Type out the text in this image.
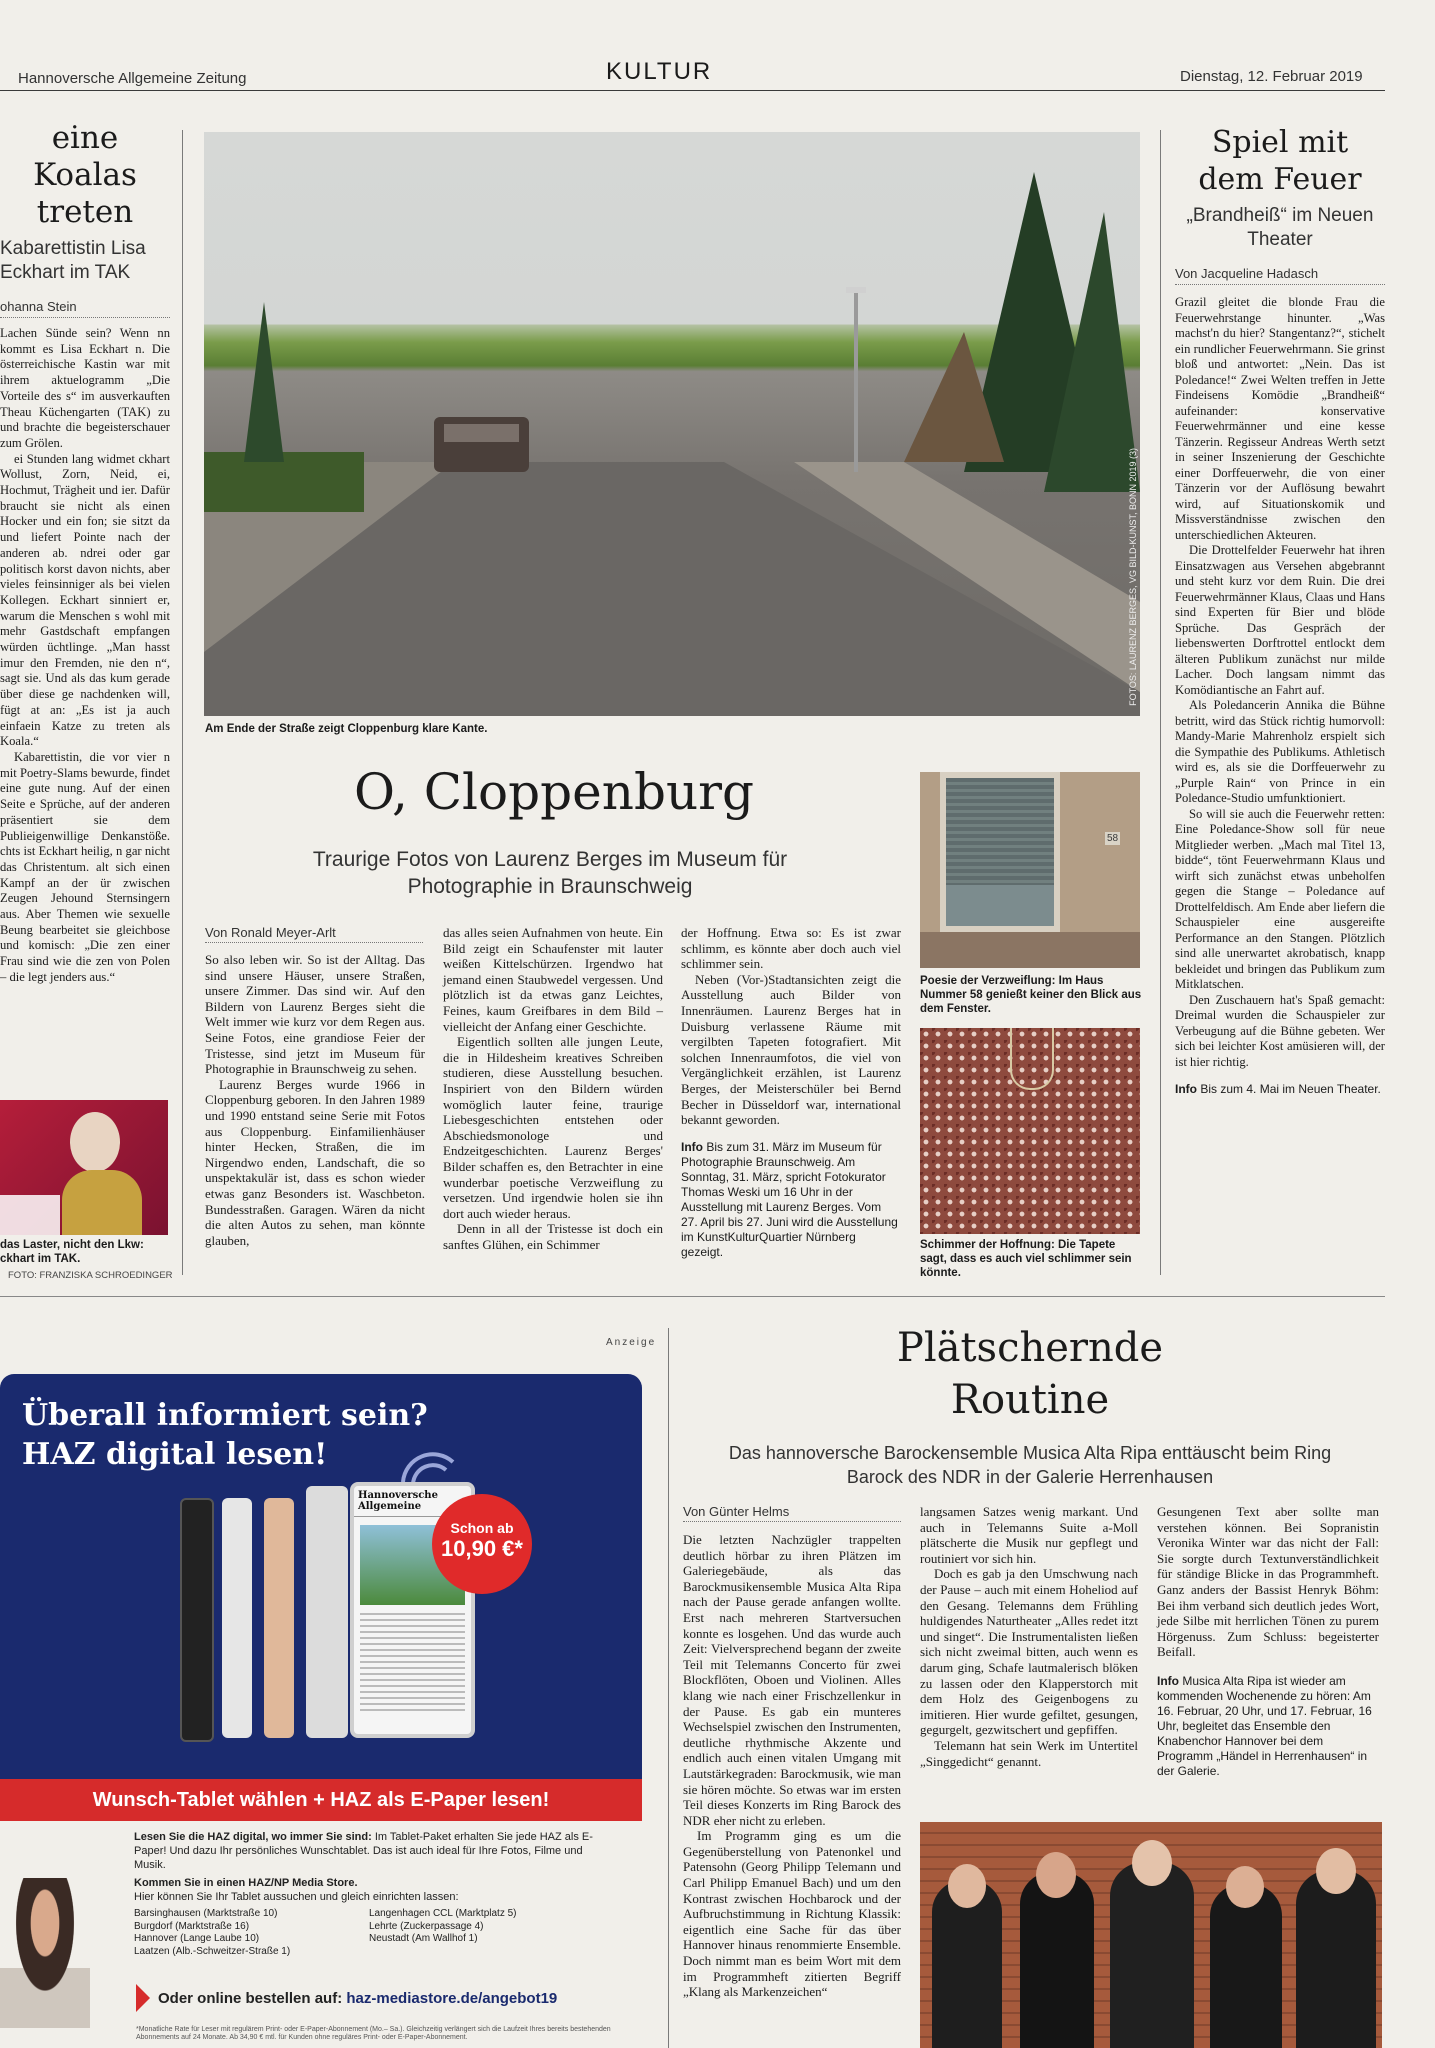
Hannoversche Allgemeine Zeitung	KULTUR	Dienstag, 12. Februar 2019
eine Koalas treten
Kabarettistin Lisa Eckhart im TAK
ohanna Stein

Lachen Sünde sein? Wenn nn kommt es Lisa Eckhart n. Die österreichische Kastin war mit ihrem aktuelogramm „Die Vorteile des s“ im ausverkauften Theau Küchengarten (TAK) zu und brachte die begeisterschauer zum Grölen.

ei Stunden lang widmet ckhart Wollust, Zorn, Neid, ei, Hochmut, Trägheit und ier. Dafür braucht sie nicht als einen Hocker und ein fon; sie sitzt da und liefert Pointe nach der anderen ab. ndrei oder gar politisch korst davon nichts, aber vieles feinsinniger als bei vielen Kollegen. Eckhart sinniert er, warum die Menschen s wohl mit mehr Gastdschaft empfangen würden üchtlinge. „Man hasst imur den Fremden, nie den n“, sagt sie. Und als das kum gerade über diese ge nachdenken will, fügt at an: „Es ist ja auch einfaein Katze zu treten als Koala.“

Kabarettistin, die vor vier n mit Poetry-Slams bewurde, findet eine gute nung. Auf der einen Seite e Sprüche, auf der anderen präsentiert sie dem Publieigenwillige Denkanstöße. chts ist Eckhart heilig, n gar nicht das Christentum. alt sich einen Kampf an der ür zwischen Zeugen Jehound Sternsingern aus. Aber Themen wie sexuelle Beung bearbeitet sie gleichbose und komisch: „Die zen einer Frau sind wie die zen von Polen – die legt jenders aus.“

das Laster, nicht den Lkw: ckhart im TAK.
FOTO: FRANZISKA SCHROEDINGER
FOTOS: LAURENZ BERGES, VG BILD-KUNST, BONN 2019 (3)
Am Ende der Straße zeigt Cloppenburg klare Kante.
O, Cloppenburg
Traurige Fotos von Laurenz Berges im Museum für Photographie in Braunschweig
Von Ronald Meyer-Arlt

So also leben wir. So ist der Alltag. Das sind unsere Häuser, unsere Straßen, unsere Zimmer. Das sind wir. Auf den Bildern von Laurenz Berges sieht die Welt immer wie kurz vor dem Regen aus. Seine Fotos, eine grandiose Feier der Tristesse, sind jetzt im Museum für Photographie in Braunschweig zu sehen.

Laurenz Berges wurde 1966 in Cloppenburg geboren. In den Jahren 1989 und 1990 entstand seine Serie mit Fotos aus Cloppenburg. Einfamilienhäuser hinter Hecken, Straßen, die im Nirgendwo enden, Landschaft, die so unspektakulär ist, dass es schon wieder etwas ganz Besonders ist. Waschbeton. Bundesstraßen. Garagen. Wären da nicht die alten Autos zu sehen, man könnte glauben,

das alles seien Aufnahmen von heute. Ein Bild zeigt ein Schaufenster mit lauter weißen Kittelschürzen. Irgendwo hat jemand einen Staubwedel vergessen. Und plötzlich ist da etwas ganz Leichtes, Feines, kaum Greifbares in dem Bild – vielleicht der Anfang einer Geschichte.

Eigentlich sollten alle jungen Leute, die in Hildesheim kreatives Schreiben studieren, diese Ausstellung besuchen. Inspiriert von den Bildern würden womöglich lauter feine, traurige Liebesgeschichten entstehen oder Abschiedsmonologe und Endzeitgeschichten. Laurenz Berges' Bilder schaffen es, den Betrachter in eine wunderbar poetische Verzweiflung zu versetzen. Und irgendwie holen sie ihn dort auch wieder heraus.

Denn in all der Tristesse ist doch ein sanftes Glühen, ein Schimmer

der Hoffnung. Etwa so: Es ist zwar schlimm, es könnte aber doch auch viel schlimmer sein.

Neben (Vor-)Stadtansichten zeigt die Ausstellung auch Bilder von Innenräumen. Laurenz Berges hat in Duisburg verlassene Räume mit vergilbten Tapeten fotografiert. Mit solchen Innenraumfotos, die viel von Vergänglichkeit erzählen, ist Laurenz Berges, der Meisterschüler bei Bernd Becher in Düsseldorf war, international bekannt geworden.

Info Bis zum 31. März im Museum für Photographie Braunschweig. Am Sonntag, 31. März, spricht Fotokurator Thomas Weski um 16 Uhr in der Ausstellung mit Laurenz Berges. Vom 27. April bis 27. Juni wird die Ausstellung im KunstKulturQuartier Nürnberg gezeigt.
58
Poesie der Verzweiflung: Im Haus Nummer 58 genießt keiner den Blick aus dem Fenster.
Schimmer der Hoffnung: Die Tapete sagt, dass es auch viel schlimmer sein könnte.
Spiel mit dem Feuer
„Brandheiß“ im Neuen Theater
Von Jacqueline Hadasch

Grazil gleitet die blonde Frau die Feuerwehrstange hinunter. „Was machst'n du hier? Stangentanz?“, stichelt ein rundlicher Feuerwehrmann. Sie grinst bloß und antwortet: „Nein. Das ist Poledance!“ Zwei Welten treffen in Jette Findeisens Komödie „Brandheiß“ aufeinander: konservative Feuerwehrmänner und eine kesse Tänzerin. Regisseur Andreas Werth setzt in seiner Inszenierung der Geschichte einer Dorffeuerwehr, die von einer Tänzerin vor der Auflösung bewahrt wird, auf Situationskomik und Missverständnisse zwischen den unterschiedlichen Akteuren.

Die Drottelfelder Feuerwehr hat ihren Einsatzwagen aus Versehen abgebrannt und steht kurz vor dem Ruin. Die drei Feuerwehrmänner Klaus, Claas und Hans sind Experten für Bier und blöde Sprüche. Das Gespräch der liebenswerten Dorftrottel entlockt dem älteren Publikum zunächst nur milde Lacher. Doch langsam nimmt das Komödiantische an Fahrt auf.

Als Poledancerin Annika die Bühne betritt, wird das Stück richtig humorvoll: Mandy-Marie Mahrenholz erspielt sich die Sympathie des Publikums. Athletisch wird es, als sie die Dorffeuerwehr zu „Purple Rain“ von Prince in ein Poledance-Studio umfunktioniert.

So will sie auch die Feuerwehr retten: Eine Poledance-Show soll für neue Mitglieder werben. „Mach mal Titel 13, bidde“, tönt Feuerwehrmann Klaus und wirft sich zunächst etwas unbeholfen gegen die Stange – Poledance auf Drottelfeldisch. Am Ende aber liefern die Schauspieler eine ausgereifte Performance an den Stangen. Plötzlich sind alle unerwartet akrobatisch, knapp bekleidet und bringen das Publikum zum Mitklatschen.

Den Zuschauern hat's Spaß gemacht: Dreimal wurden die Schauspieler zur Verbeugung auf die Bühne gebeten. Wer sich bei leichter Kost amüsieren will, der ist hier richtig.

Info Bis zum 4. Mai im Neuen Theater.
Anzeige
Überall informiert sein?
HAZ digital lesen!
Hannoversche Allgemeine
Schon ab
10,90 €*
Wunsch-Tablet wählen + HAZ als E-Paper lesen!
Lesen Sie die HAZ digital, wo immer Sie sind: Im Tablet-Paket erhalten Sie jede HAZ als E-Paper! Und dazu Ihr persönliches Wunschtablet. Das ist auch ideal für Ihre Fotos, Filme und Musik.
Kommen Sie in einen HAZ/NP Media Store.
Hier können Sie Ihr Tablet aussuchen und gleich einrichten lassen:
Barsinghausen (Marktstraße 10)
Burgdorf (Marktstraße 16)
Hannover (Lange Laube 10)
Laatzen (Alb.-Schweitzer-Straße 1)
Langenhagen CCL (Marktplatz 5)
Lehrte (Zuckerpassage 4)
Neustadt (Am Wallhof 1)
Oder online bestellen auf: haz-mediastore.de/angebot19
*Monatliche Rate für Leser mit regulärem Print- oder E-Paper-Abonnement (Mo.– Sa.). Gleichzeitig verlängert sich die Laufzeit Ihres bereits bestehenden Abonnements auf 24 Monate. Ab 34,90 € mtl. für Kunden ohne reguläres Print- oder E-Paper-Abonnement.
Plätschernde
Routine
Das hannoversche Barockensemble Musica Alta Ripa enttäuscht beim Ring Barock des NDR in der Galerie Herrenhausen
Von Günter Helms

Die letzten Nachzügler trappelten deutlich hörbar zu ihren Plätzen im Galeriegebäude, als das Barockmusikensemble Musica Alta Ripa nach der Pause gerade anfangen wollte. Erst nach mehreren Startversuchen konnte es losgehen. Und das wurde auch Zeit: Vielversprechend begann der zweite Teil mit Telemanns Concerto für zwei Blockflöten, Oboen und Violinen. Alles klang wie nach einer Frischzellenkur in der Pause. Es gab ein munteres Wechselspiel zwischen den Instrumenten, deutliche rhythmische Akzente und endlich auch einen vitalen Umgang mit Lautstärkegraden: Barockmusik, wie man sie hören möchte. So etwas war im ersten Teil dieses Konzerts im Ring Barock des NDR eher nicht zu erleben.

Im Programm ging es um die Gegenüberstellung von Patenonkel und Patensohn (Georg Philipp Telemann und Carl Philipp Emanuel Bach) und um den Kontrast zwischen Hochbarock und der Aufbruchstimmung in Richtung Klassik: eigentlich eine Sache für das über Hannover hinaus renommierte Ensemble. Doch nimmt man es beim Wort mit dem im Programmheft zitierten Begriff „Klang als Markenzeichen“

langsamen Satzes wenig markant. Und auch in Telemanns Suite a-Moll plätscherte die Musik nur gepflegt und routiniert vor sich hin.

Doch es gab ja den Umschwung nach der Pause – auch mit einem Hoheliod auf den Gesang. Telemanns dem Frühling huldigendes Naturtheater „Alles redet itzt und singet“. Die Instrumentalisten ließen sich nicht zweimal bitten, auch wenn es darum ging, Schafe lautmalerisch blöken zu lassen oder den Klapperstorch mit dem Holz des Geigenbogens zu imitieren. Hier wurde gefiltet, gesungen, gegurgelt, gezwitschert und gepfiffen.

Telemann hat sein Werk im Untertitel „Singgedicht“ genannt.

Gesungenen Text aber sollte man verstehen können. Bei Sopranistin Veronika Winter war das nicht der Fall: Sie sorgte durch Textunverständlichkeit für ständige Blicke in das Programmheft. Ganz anders der Bassist Henryk Böhm: Bei ihm verband sich deutlich jedes Wort, jede Silbe mit herrlichen Tönen zu purem Hörgenuss. Zum Schluss: begeisterter Beifall.

Info Musica Alta Ripa ist wieder am kommenden Wochenende zu hören: Am 16. Februar, 20 Uhr, und 17. Februar, 16 Uhr, begleitet das Ensemble den Knabenchor Hannover bei dem Programm „Händel in Herrenhausen“ in der Galerie.
